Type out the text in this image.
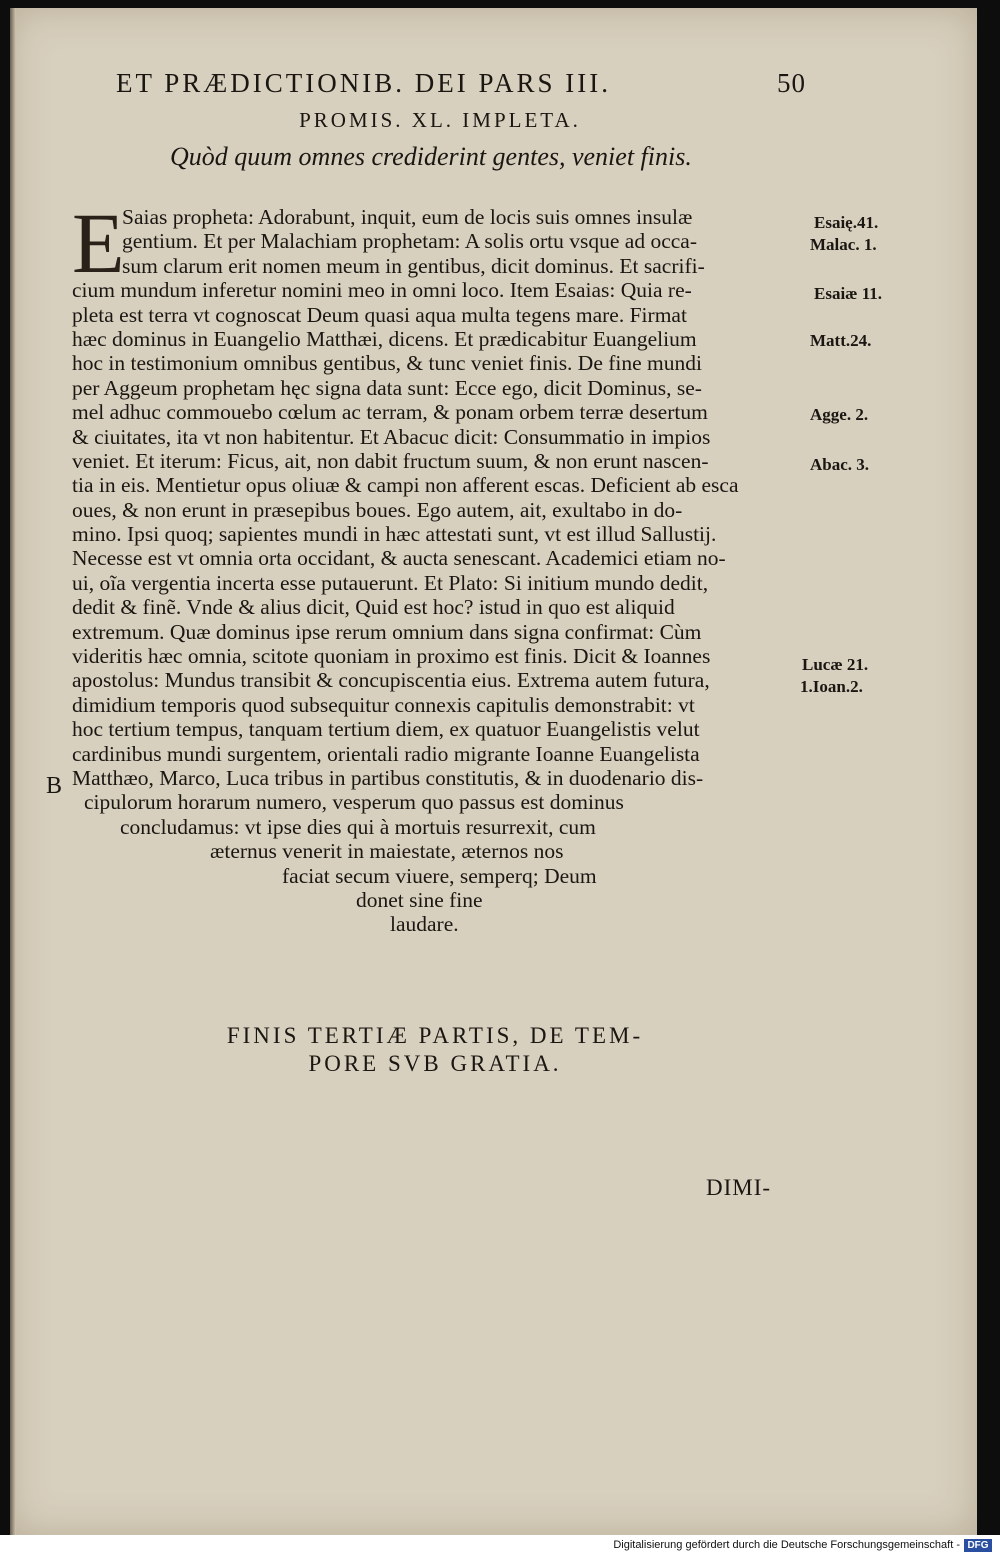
ET PRÆDICTIONIB. DEI PARS III.	50
PROMIS. XL. IMPLETA.
Quòd quum omnes crediderint gentes, veniet finis.
E
Saias propheta: Adorabunt, inquit, eum de locis suis omnes insulæ
gentium. Et per Malachiam prophetam: A solis ortu vsque ad occa-
sum clarum erit nomen meum in gentibus, dicit dominus. Et sacrifi-
cium mundum inferetur nomini meo in omni loco. Item Esaias: Quia re-
pleta est terra vt cognoscat Deum quasi aqua multa tegens mare. Firmat
hæc dominus in Euangelio Matthæi, dicens. Et prædicabitur Euangelium
hoc in testimonium omnibus gentibus, & tunc veniet finis. De fine mundi
per Aggeum prophetam hęc signa data sunt: Ecce ego, dicit Dominus, se-
mel adhuc commouebo cœlum ac terram, & ponam orbem terræ desertum
& ciuitates, ita vt non habitentur. Et Abacuc dicit: Consummatio in impios
veniet. Et iterum: Ficus, ait, non dabit fructum suum, & non erunt nascen-
tia in eis. Mentietur opus oliuæ & campi non afferent escas. Deficient ab esca
oues, & non erunt in præsepibus boues. Ego autem, ait, exultabo in do-
mino. Ipsi quoq; sapientes mundi in hæc attestati sunt, vt est illud Sallustij.
Necesse est vt omnia orta occidant, & aucta senescant. Academici etiam no-
ui, oĩa vergentia incerta esse putauerunt. Et Plato: Si initium mundo dedit,
dedit & finẽ. Vnde & alius dicit, Quid est hoc? istud in quo est aliquid
extremum. Quæ dominus ipse rerum omnium dans signa confirmat: Cùm
videritis hæc omnia, scitote quoniam in proximo est finis. Dicit & Ioannes
apostolus: Mundus transibit & concupiscentia eius. Extrema autem futura,
dimidium temporis quod subsequitur connexis capitulis demonstrabit: vt
hoc tertium tempus, tanquam tertium diem, ex quatuor Euangelistis velut
cardinibus mundi surgentem, orientali radio migrante Ioanne Euangelista
Matthæo, Marco, Luca tribus in partibus constitutis, & in duodenario dis-
cipulorum horarum numero, vesperum quo passus est dominus
concludamus: vt ipse dies qui à mortuis resurrexit, cum
æternus venerit in maiestate, æternos nos
faciat secum viuere, semperq; Deum
donet sine fine
laudare.
Esaię.41.
Malac. 1.
Esaiæ 11.
Matt.24.
Agge. 2.
Abac. 3.
Lucæ 21.
1.Ioan.2.
B
FINIS TERTIÆ PARTIS, DE TEM-
PORE SVB GRATIA.
DIMI-
Digitalisierung gefördert durch die Deutsche Forschungsgemeinschaft - DFG
